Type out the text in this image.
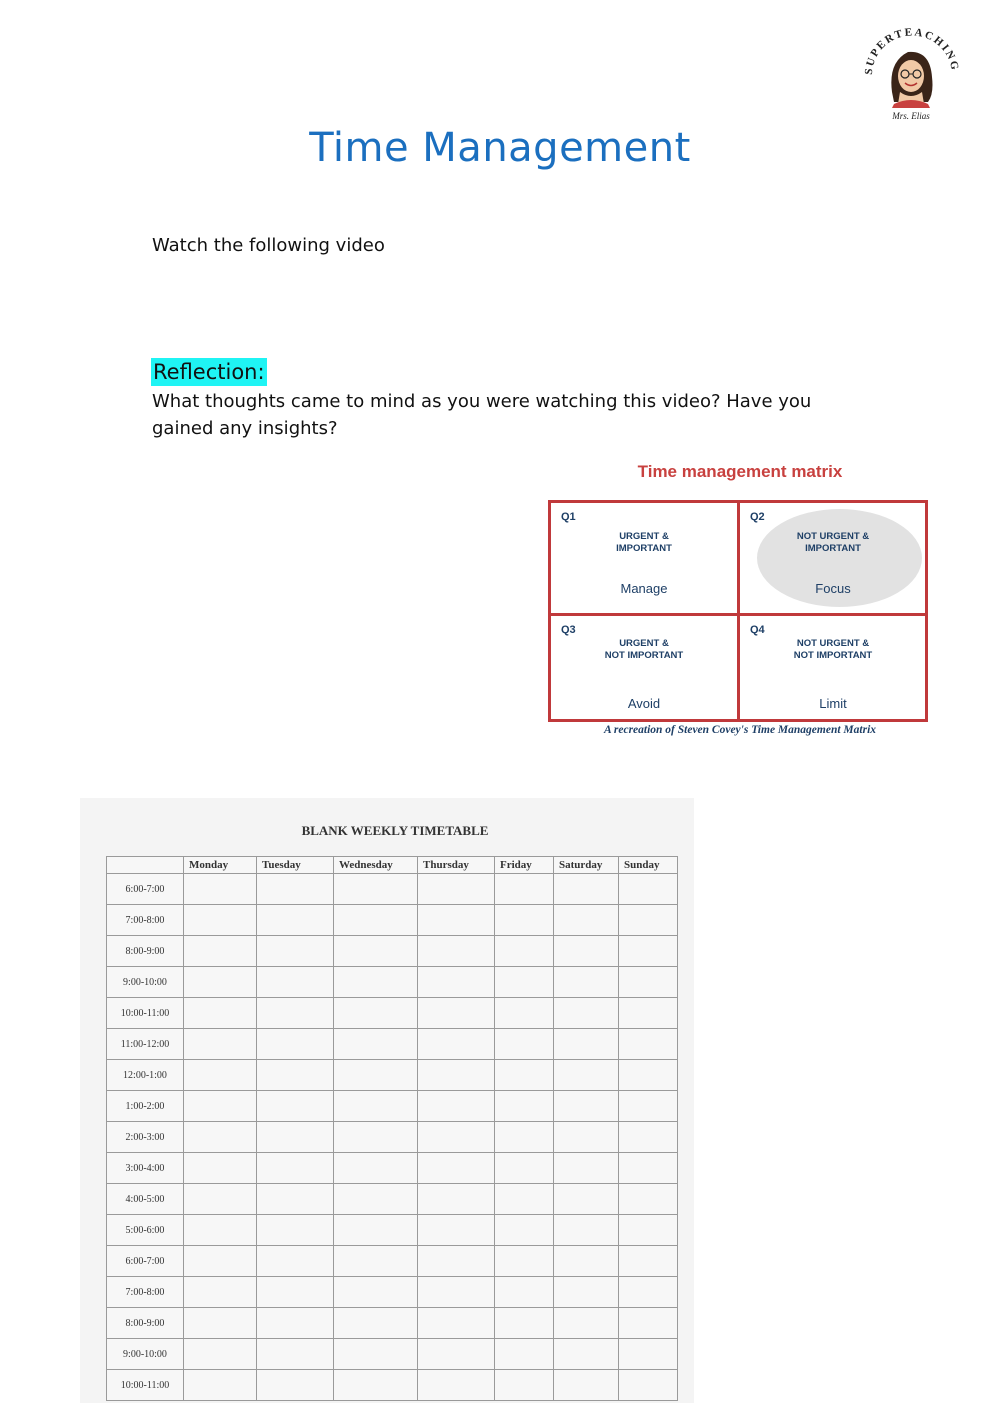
SUPERTEACHING
Mrs. Elias
Time Management
Watch the following video
Reflection:
What thoughts came to mind as you were watching this video? Have you gained any insights?
Time management matrix
Q1
URGENT &
IMPORTANT
Manage
Q2
NOT URGENT &
IMPORTANT
Focus
Q3
URGENT &
NOT IMPORTANT
Avoid
Q4
NOT URGENT &
NOT IMPORTANT
Limit
A recreation of Steven Covey's Time Management Matrix
BLANK WEEKLY TIMETABLE
	Monday	Tuesday	Wednesday	Thursday	Friday	Saturday	Sunday
6:00-7:00							
7:00-8:00							
8:00-9:00							
9:00-10:00							
10:00-11:00							
11:00-12:00							
12:00-1:00							
1:00-2:00							
2:00-3:00							
3:00-4:00							
4:00-5:00							
5:00-6:00							
6:00-7:00							
7:00-8:00							
8:00-9:00							
9:00-10:00							
10:00-11:00							
